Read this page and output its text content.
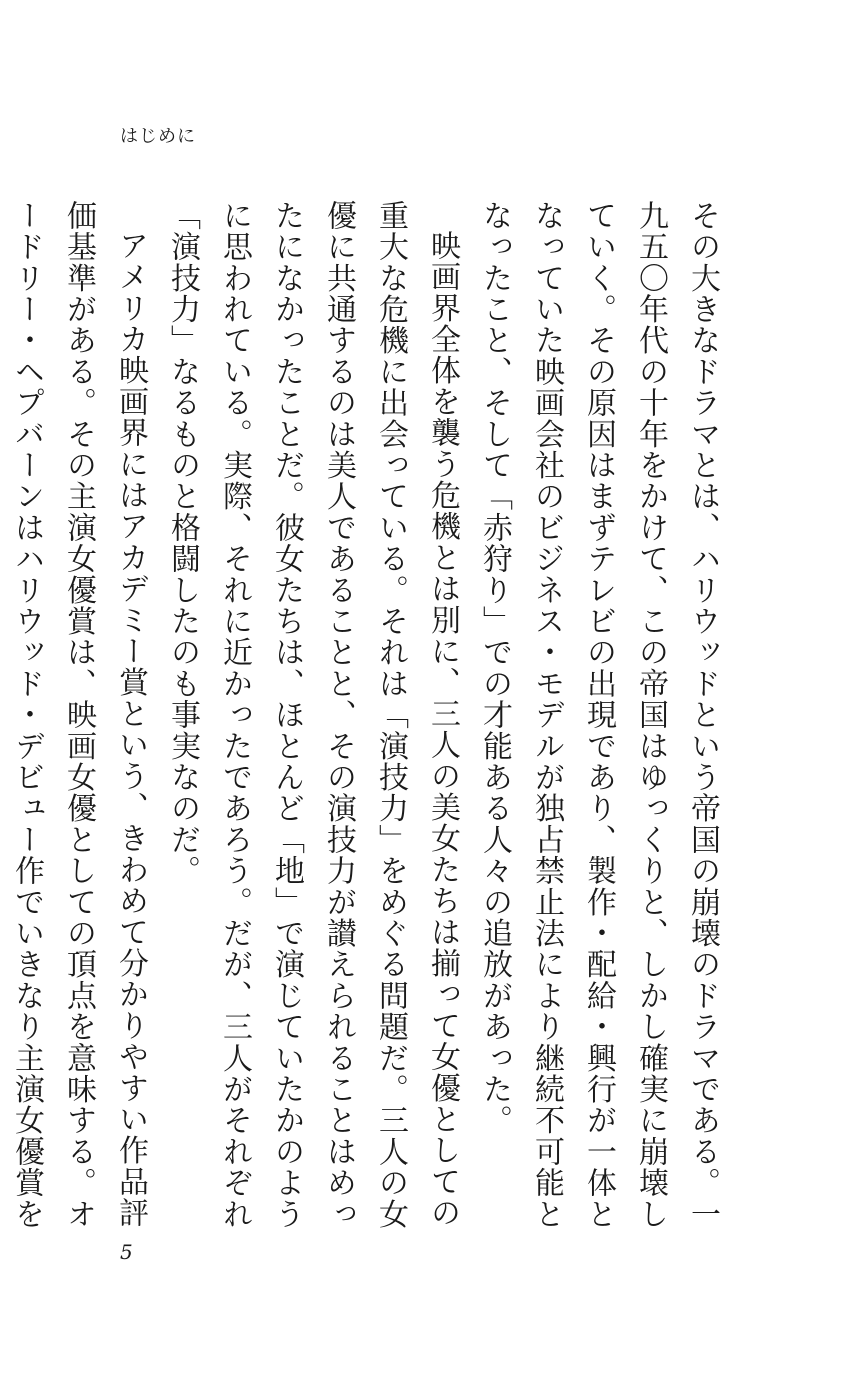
はじめに

その大きなドラマとは、ハリウッドという帝国の崩壊のドラマである。一九五〇年代の十年をかけて、この帝国はゆっくりと、しかし確実に崩壊していく。その原因はまずテレビの出現であり、製作・配給・興行が一体となっていた映画会社のビジネス・モデルが独占禁止法により継続不可能となったこと、そして「赤狩り」での才能ある人々の追放があった。

映画界全体を襲う危機とは別に、三人の美女たちは揃って女優としての重大な危機に出会っている。それは「演技力」をめぐる問題だ。三人の女優に共通するのは美人であることと、その演技力が讃えられることはめったになかったことだ。彼女たちは、ほとんど「地」で演じていたかのように思われている。実際、それに近かったであろう。だが、三人がそれぞれ「演技力」なるものと格闘したのも事実なのだ。

アメリカ映画界にはアカデミー賞という、きわめて分かりやすい作品評価基準がある。その主演女優賞は、映画女優としての頂点を意味する。オードリー・ヘプバーンはハリウッド・デビュー作でいきなり主演女優賞を

5
